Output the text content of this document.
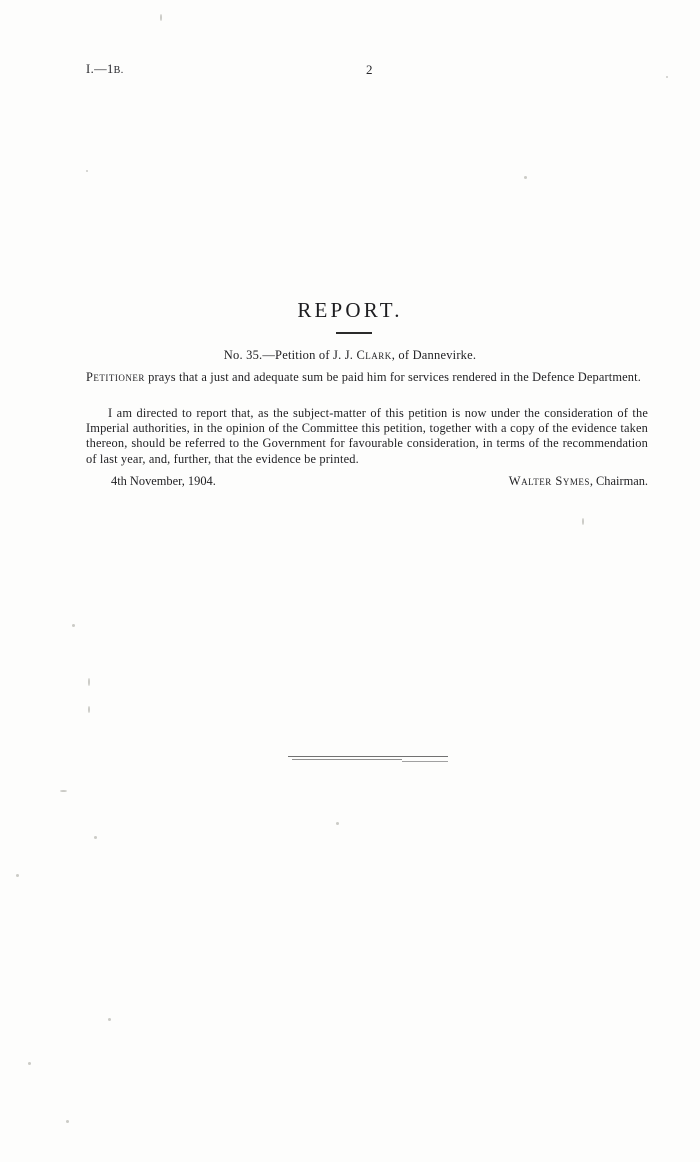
I.—1B.	2
REPORT.
No. 35.—Petition of J. J. Clark, of Dannevirke.
Petitioner prays that a just and adequate sum be paid him for services rendered in the Defence Department.
I am directed to report that, as the subject-matter of this petition is now under the consideration of the Imperial authorities, in the opinion of the Committee this petition, together with a copy of the evidence taken thereon, should be referred to the Government for favourable consideration, in terms of the recommendation of last year, and, further, that the evidence be printed.
4th November, 1904.	Walter Symes, Chairman.
